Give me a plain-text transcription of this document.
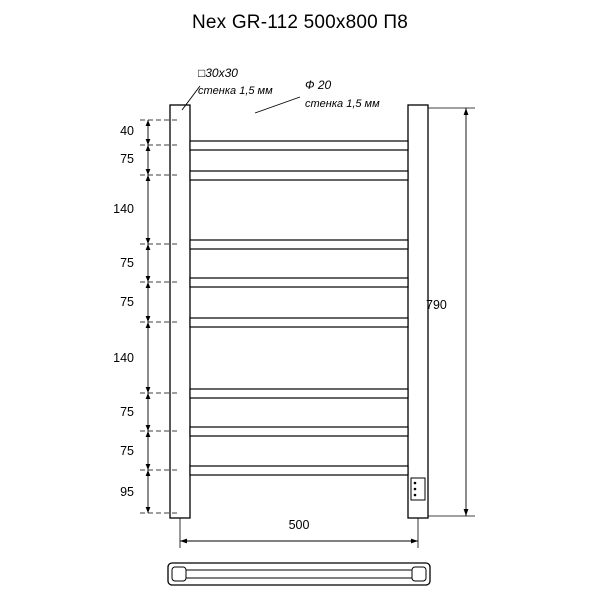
Nex GR-112 500x800 П8
□30x30
стенка 1,5 мм	Ф 20
стенка 1,5 мм
40
75
140
75
75
140
75
75
95
790
500
